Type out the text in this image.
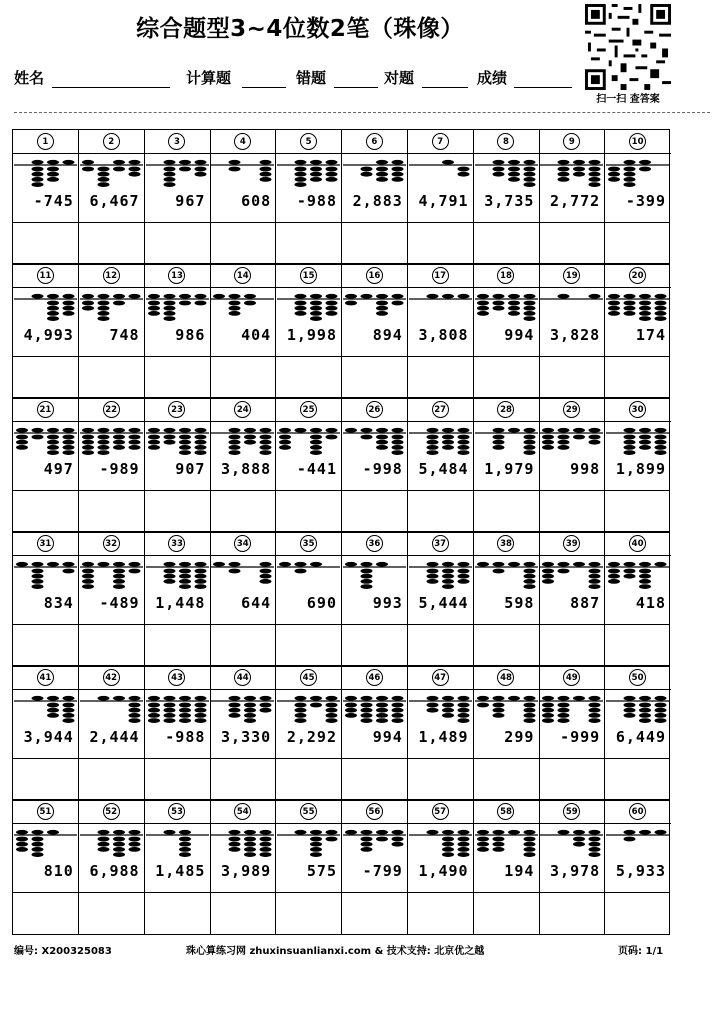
综合题型3~4位数2笔（珠像）
扫一扫 查答案
姓名	计算题	错题	对题	成绩
1
-745
2
6,467
3
967
4
608
5
-988
6
2,883
7
4,791
8
3,735
9
2,772
10
-399
11
4,993
12
748
13
986
14
404
15
1,998
16
894
17
3,808
18
994
19
3,828
20
174
21
497
22
-989
23
907
24
3,888
25
-441
26
-998
27
5,484
28
1,979
29
998
30
1,899
31
834
32
-489
33
1,448
34
644
35
690
36
993
37
5,444
38
598
39
887
40
418
41
3,944
42
2,444
43
-988
44
3,330
45
2,292
46
994
47
1,489
48
299
49
-999
50
6,449
51
810
52
6,988
53
1,485
54
3,989
55
575
56
-799
57
1,490
58
194
59
3,978
60
5,933
编号: X200325083	珠心算练习网 zhuxinsuanlianxi.com & 技术支持: 北京优之越	页码: 1/1
